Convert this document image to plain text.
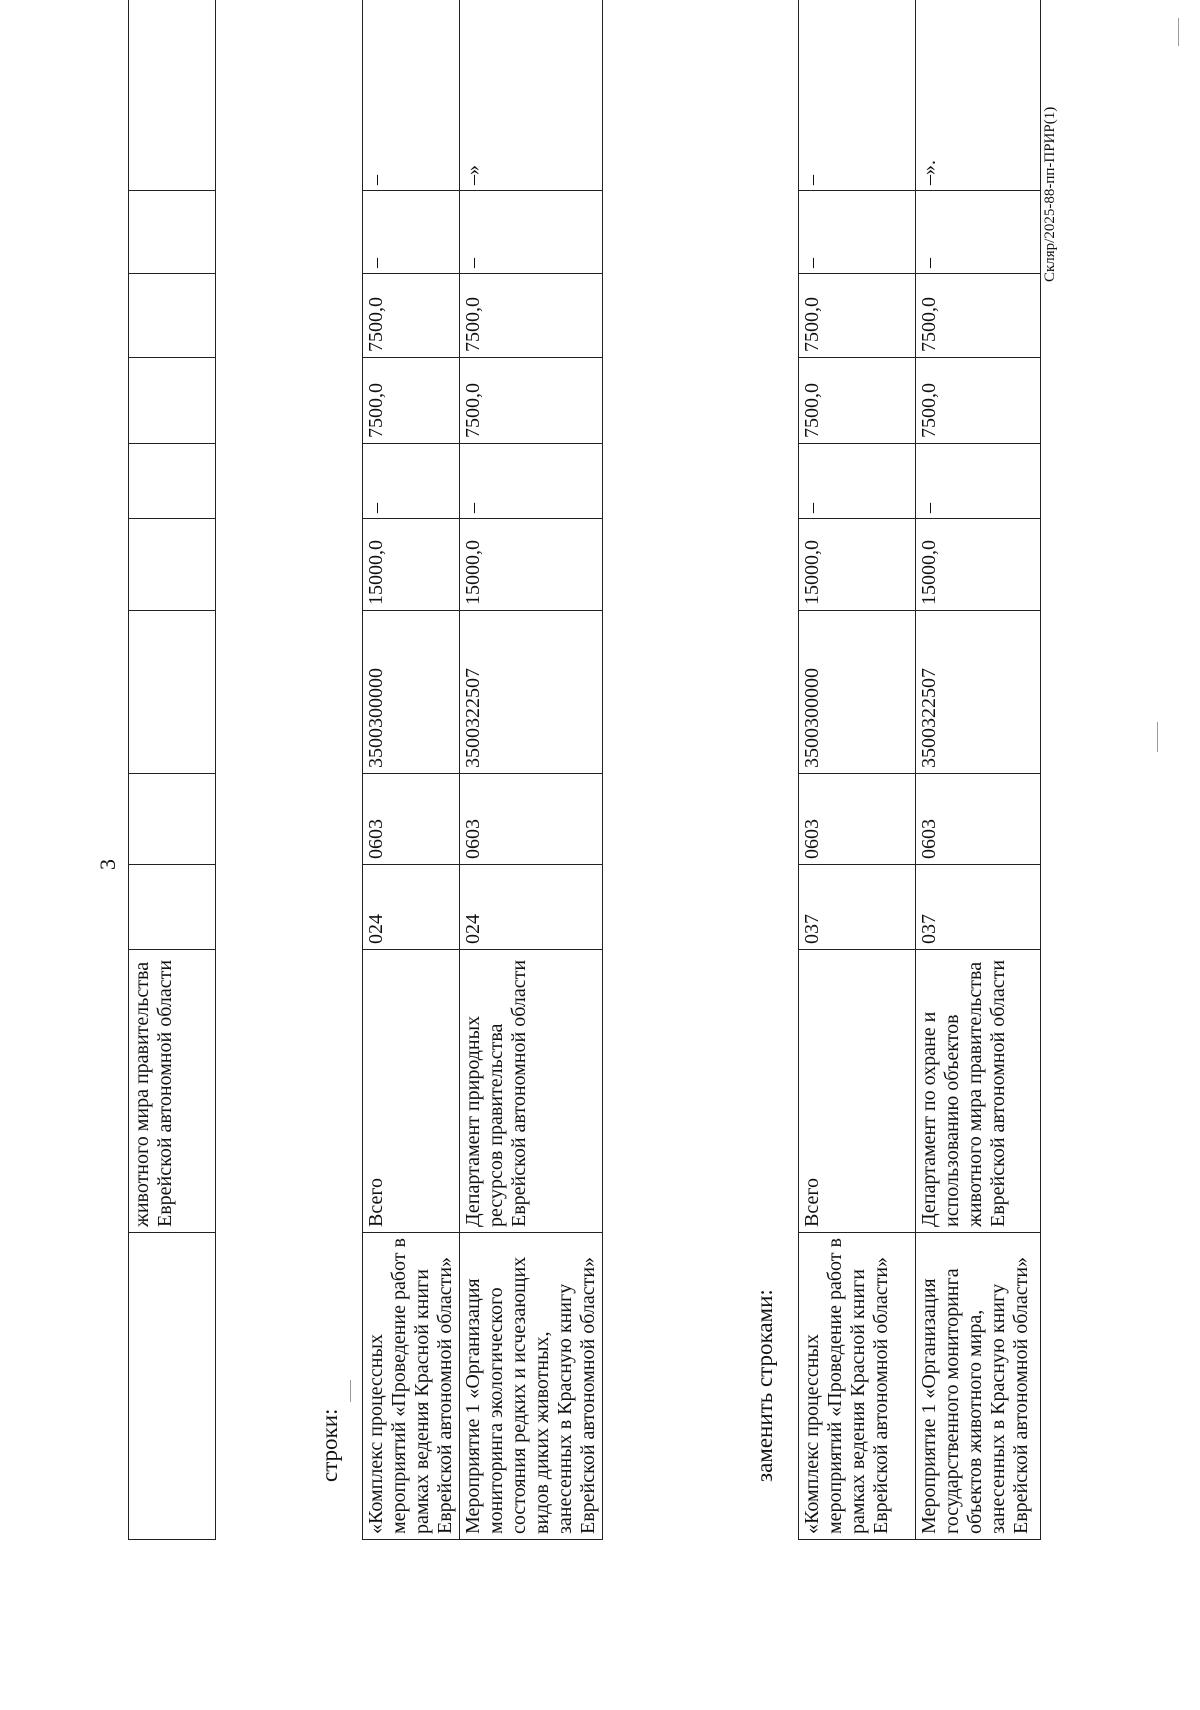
3
	животного мира правительства Еврейской автономной области									
строки: «Комплекс процессных мероприятий «Проведение работ в рамках ведения Красной книги Еврейской автономной области»	Всего	024	0603	3500300000	15000,0	–	7500,0	7500,0	–	–
Мероприятие 1 «Организация мониторинга экологического состояния редких и исчезающих видов диких животных, занесенных в Красную книгу Еврейской автономной области»	Департамент природных ресурсов правительства Еврейской автономной области	024	0603	3500322507	15000,0	–	7500,0	7500,0	–	–»
заменить строками: «Комплекс процессных мероприятий «Проведение работ в рамках ведения Красной книги Еврейской автономной области»	Всего	037	0603	3500300000	15000,0	–	7500,0	7500,0	–	–
Мероприятие 1 «Организация государственного мониторинга объектов животного мира, занесенных в Красную книгу Еврейской автономной области»	Департамент по охране и использованию объектов животного мира правительства Еврейской автономной области	037	0603	3500322507	15000,0	–	7500,0	7500,0	–	–».	Скляр/2025-88-пп-ПРИР(1)
